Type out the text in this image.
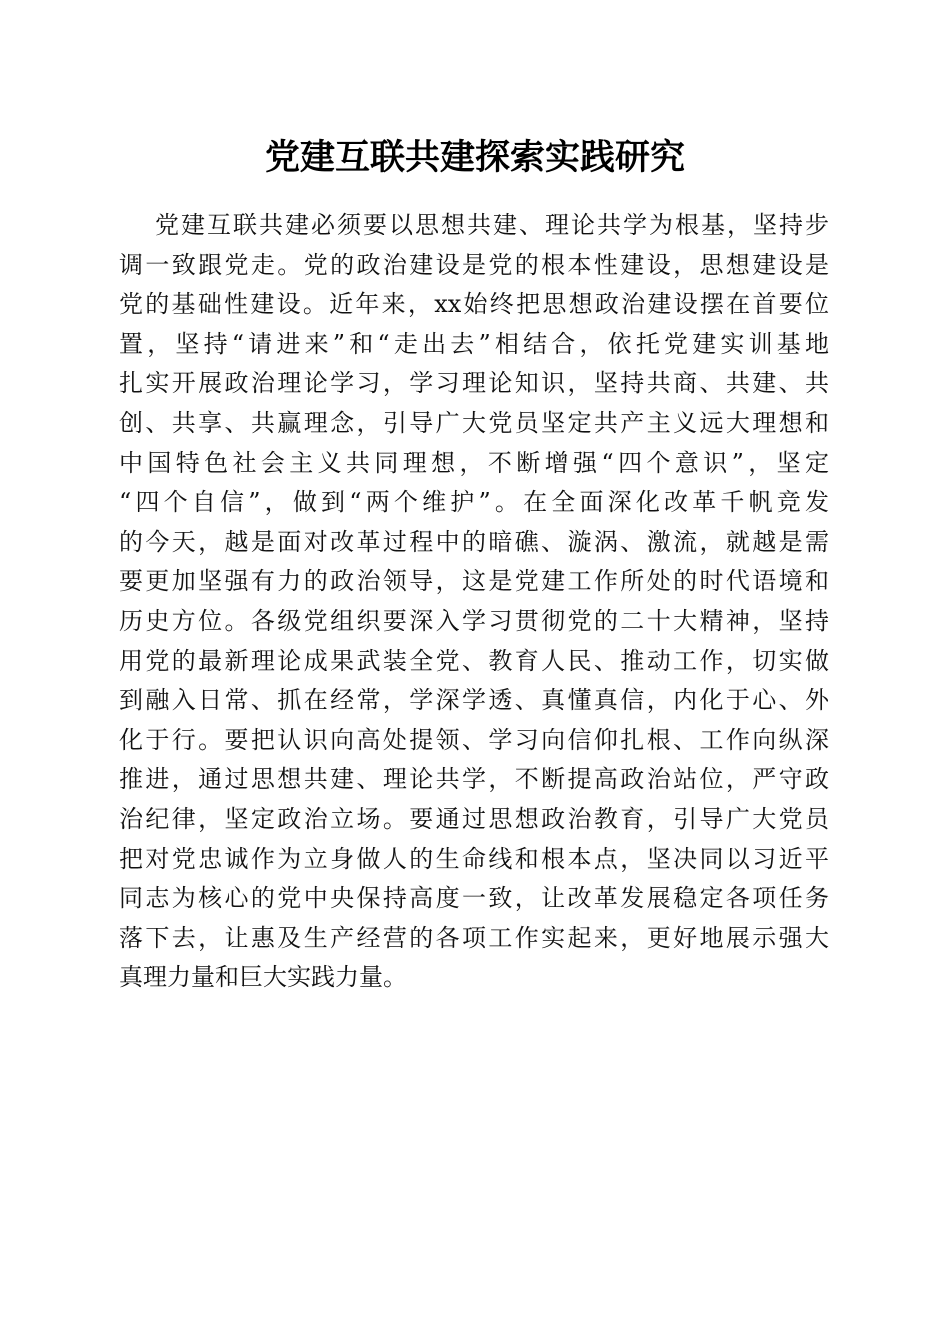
党建互联共建探索实践研究
党建互联共建必须要以思想共建、理论共学为根基，坚持步
调一致跟党走。党的政治建设是党的根本性建设，思想建设是
党的基础性建设。近年来，xx始终把思想政治建设摆在首要位
置，坚持“请进来”和“走出去”相结合，依托党建实训基地
扎实开展政治理论学习，学习理论知识，坚持共商、共建、共
创、共享、共赢理念，引导广大党员坚定共产主义远大理想和
中国特色社会主义共同理想，不断增强“四个意识”，坚定
“四个自信”，做到“两个维护”。在全面深化改革千帆竞发
的今天，越是面对改革过程中的暗礁、漩涡、激流，就越是需
要更加坚强有力的政治领导，这是党建工作所处的时代语境和
历史方位。各级党组织要深入学习贯彻党的二十大精神，坚持
用党的最新理论成果武装全党、教育人民、推动工作，切实做
到融入日常、抓在经常，学深学透、真懂真信，内化于心、外
化于行。要把认识向高处提领、学习向信仰扎根、工作向纵深
推进，通过思想共建、理论共学，不断提高政治站位，严守政
治纪律，坚定政治立场。要通过思想政治教育，引导广大党员
把对党忠诚作为立身做人的生命线和根本点，坚决同以习近平
同志为核心的党中央保持高度一致，让改革发展稳定各项任务
落下去，让惠及生产经营的各项工作实起来，更好地展示强大
真理力量和巨大实践力量。
